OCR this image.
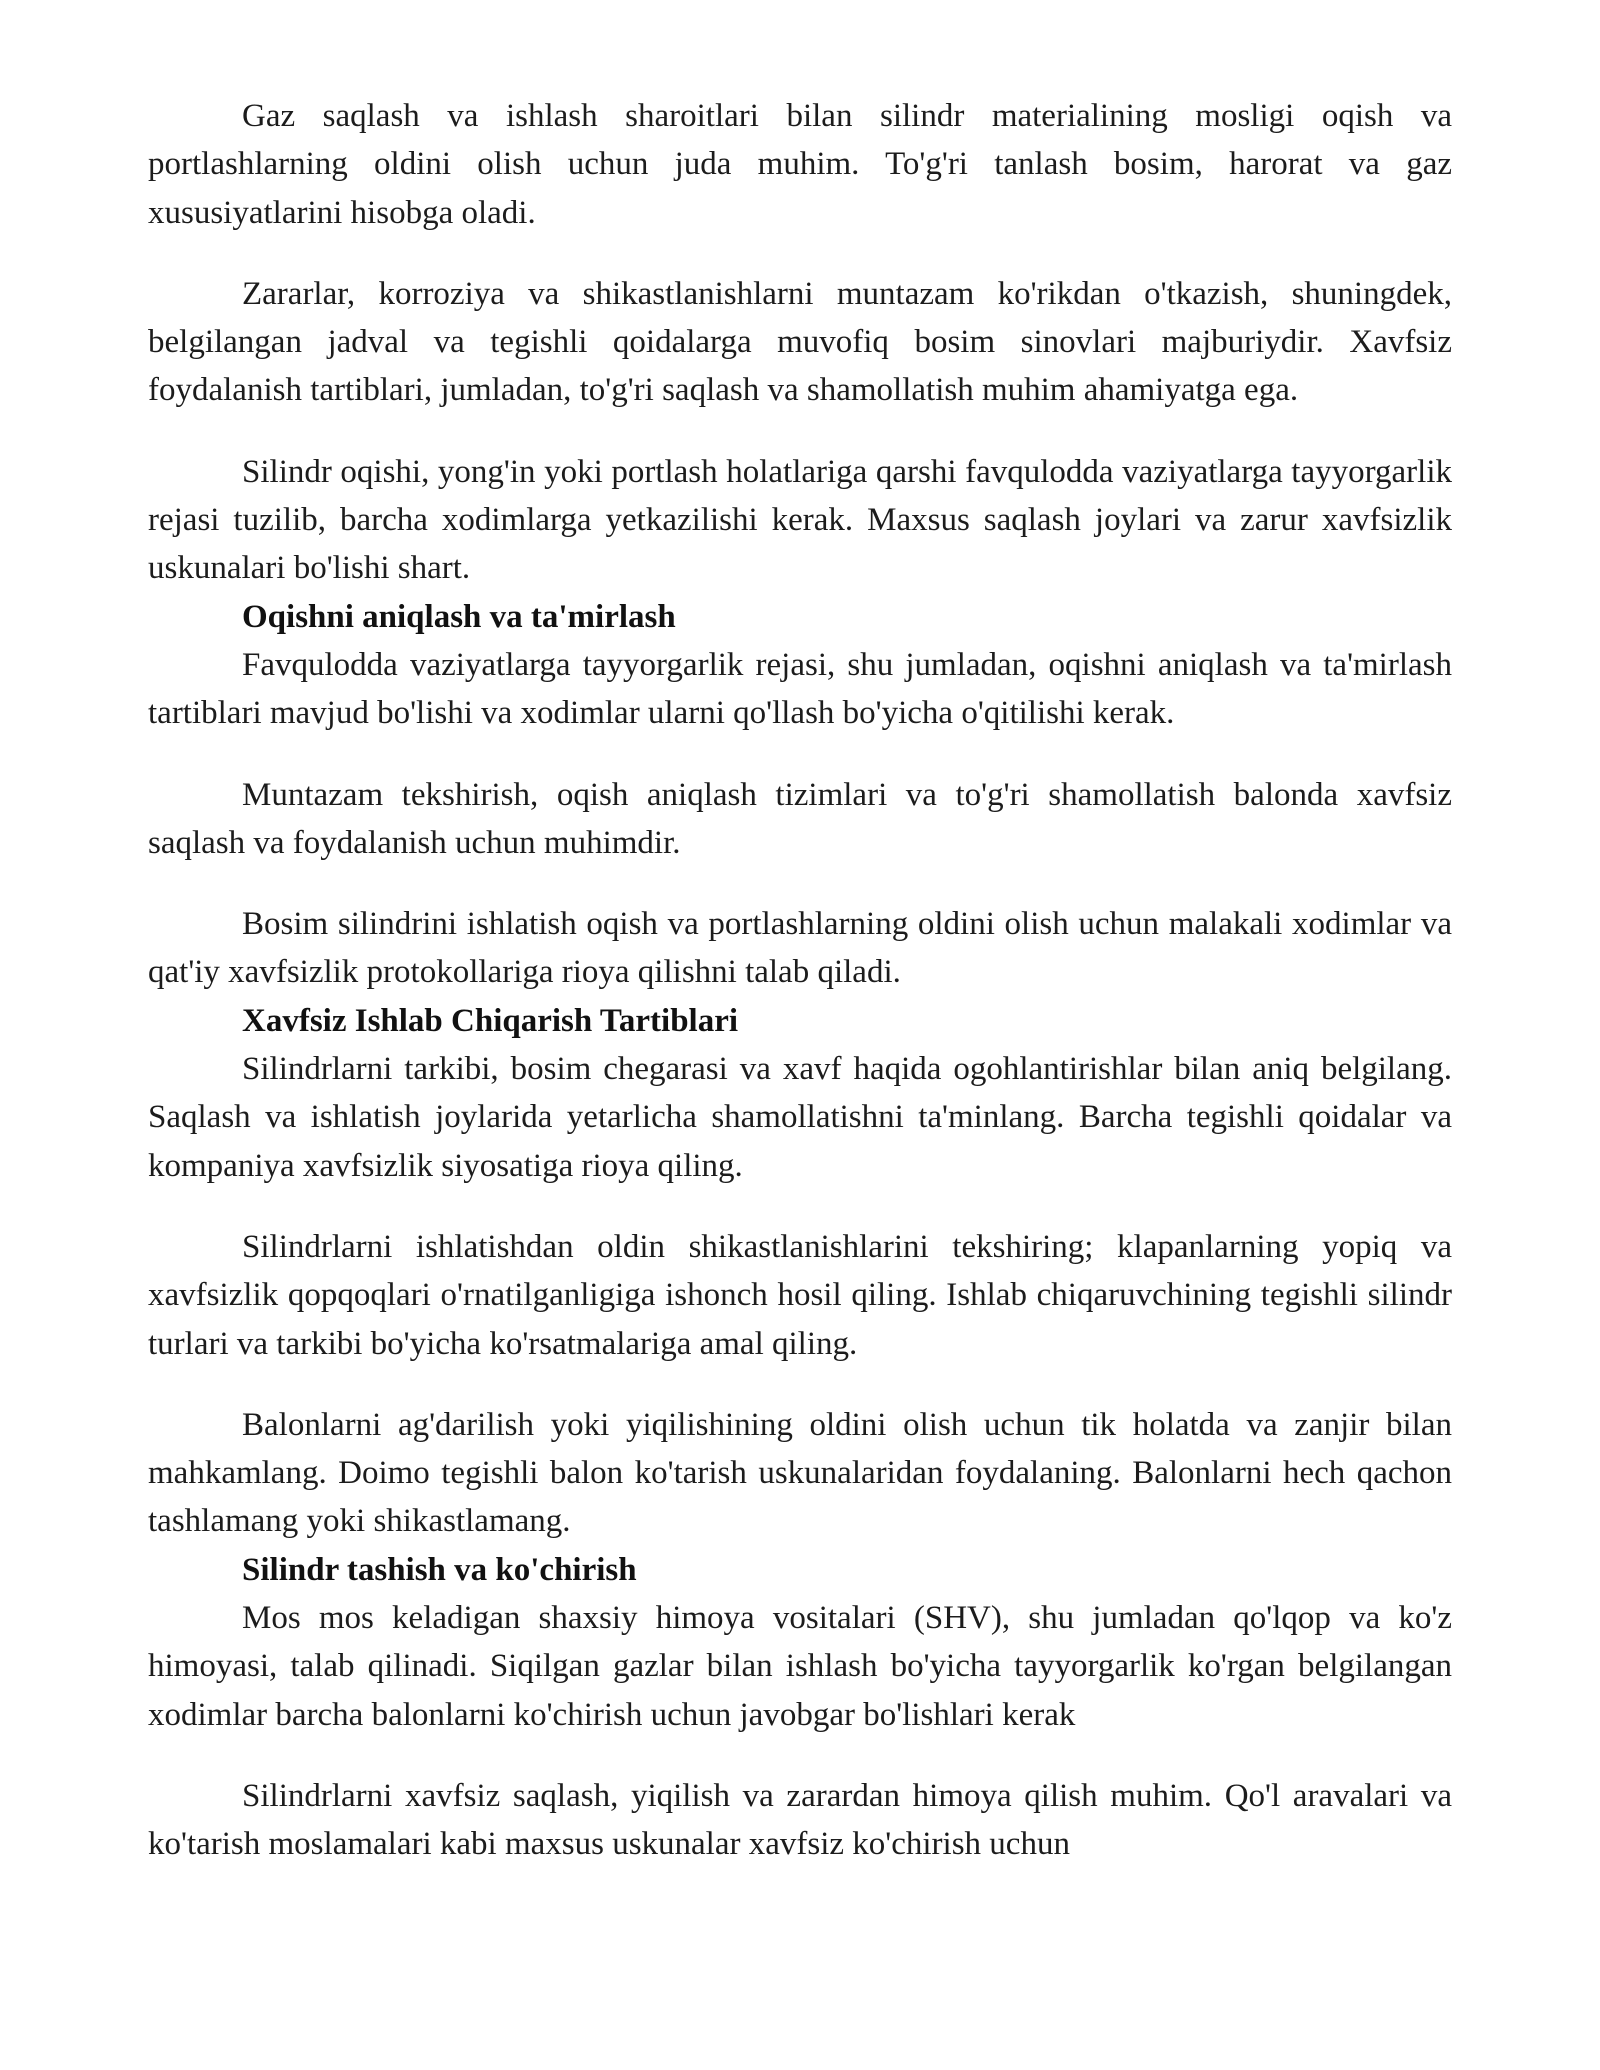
Gaz saqlash va ishlash sharoitlari bilan silindr materialining mosligi oqish va portlashlarning oldini olish uchun juda muhim. To'g'ri tanlash bosim, harorat va gaz xususiyatlarini hisobga oladi.

Zararlar, korroziya va shikastlanishlarni muntazam ko'rikdan o'tkazish, shuningdek, belgilangan jadval va tegishli qoidalarga muvofiq bosim sinovlari majburiydir. Xavfsiz foydalanish tartiblari, jumladan, to'g'ri saqlash va shamollatish muhim ahamiyatga ega.

Silindr oqishi, yong'in yoki portlash holatlariga qarshi favqulodda vaziyatlarga tayyorgarlik rejasi tuzilib, barcha xodimlarga yetkazilishi kerak. Maxsus saqlash joylari va zarur xavfsizlik uskunalari bo'lishi shart.

Oqishni aniqlash va ta'mirlash

Favqulodda vaziyatlarga tayyorgarlik rejasi, shu jumladan, oqishni aniqlash va ta'mirlash tartiblari mavjud bo'lishi va xodimlar ularni qo'llash bo'yicha o'qitilishi kerak.

Muntazam tekshirish, oqish aniqlash tizimlari va to'g'ri shamollatish balonda xavfsiz saqlash va foydalanish uchun muhimdir.

Bosim silindrini ishlatish oqish va portlashlarning oldini olish uchun malakali xodimlar va qat'iy xavfsizlik protokollariga rioya qilishni talab qiladi.

Xavfsiz Ishlab Chiqarish Tartiblari

Silindrlarni tarkibi, bosim chegarasi va xavf haqida ogohlantirishlar bilan aniq belgilang. Saqlash va ishlatish joylarida yetarlicha shamollatishni ta'minlang. Barcha tegishli qoidalar va kompaniya xavfsizlik siyosatiga rioya qiling.

Silindrlarni ishlatishdan oldin shikastlanishlarini tekshiring; klapanlarning yopiq va xavfsizlik qopqoqlari o'rnatilganligiga ishonch hosil qiling. Ishlab chiqaruvchining tegishli silindr turlari va tarkibi bo'yicha ko'rsatmalariga amal qiling.

Balonlarni ag'darilish yoki yiqilishining oldini olish uchun tik holatda va zanjir bilan mahkamlang. Doimo tegishli balon ko'tarish uskunalaridan foydalaning. Balonlarni hech qachon tashlamang yoki shikastlamang.

Silindr tashish va ko'chirish

Mos mos keladigan shaxsiy himoya vositalari (SHV), shu jumladan qo'lqop va ko'z himoyasi, talab qilinadi. Siqilgan gazlar bilan ishlash bo'yicha tayyorgarlik ko'rgan belgilangan xodimlar barcha balonlarni ko'chirish uchun javobgar bo'lishlari kerak

Silindrlarni xavfsiz saqlash, yiqilish va zarardan himoya qilish muhim. Qo'l aravalari va ko'tarish moslamalari kabi maxsus uskunalar xavfsiz ko'chirish uchun
